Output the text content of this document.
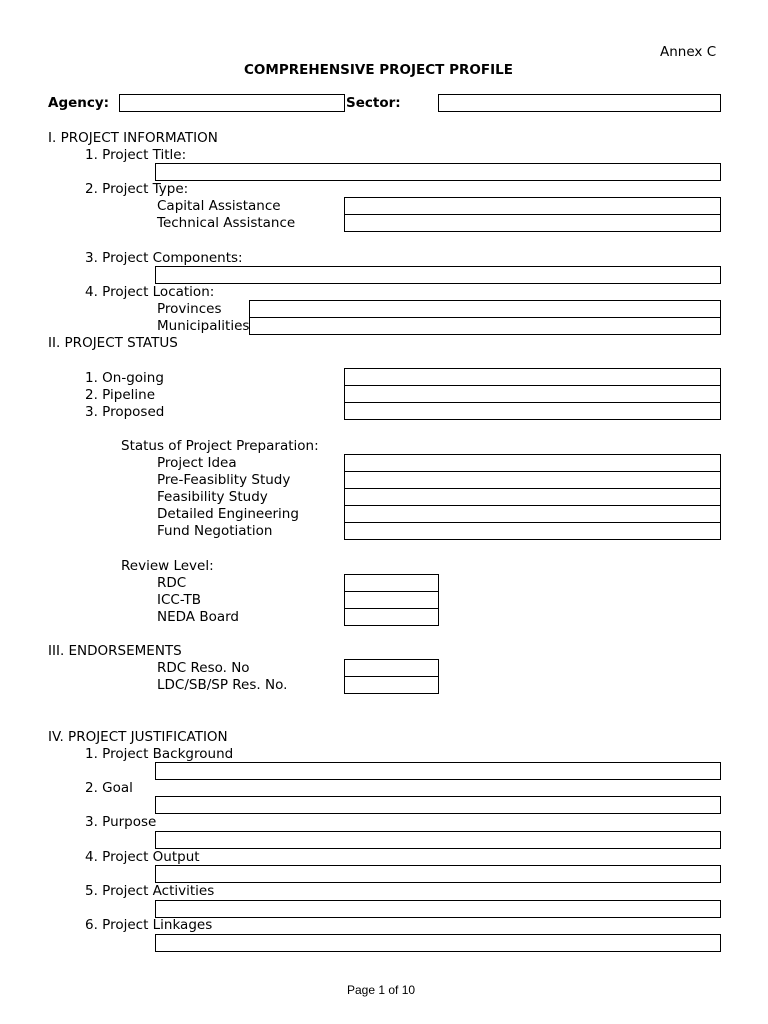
Annex C
COMPREHENSIVE PROJECT PROFILE
Agency:	Sector:
I. PROJECT INFORMATION
1. Project Title:
2. Project Type:
Capital Assistance
Technical Assistance
3. Project Components:
4. Project Location:
Provinces
Municipalities
II. PROJECT STATUS
1. On-going
2. Pipeline
3. Proposed
Status of Project Preparation:
Project Idea
Pre-Feasiblity Study
Feasibility Study
Detailed Engineering
Fund Negotiation
Review Level:
RDC
ICC-TB
NEDA Board
III. ENDORSEMENTS
RDC Reso. No
LDC/SB/SP Res. No.
IV. PROJECT JUSTIFICATION
1. Project Background
2. Goal
3. Purpose
4. Project Output
5. Project Activities
6. Project Linkages
Page 1 of 10
